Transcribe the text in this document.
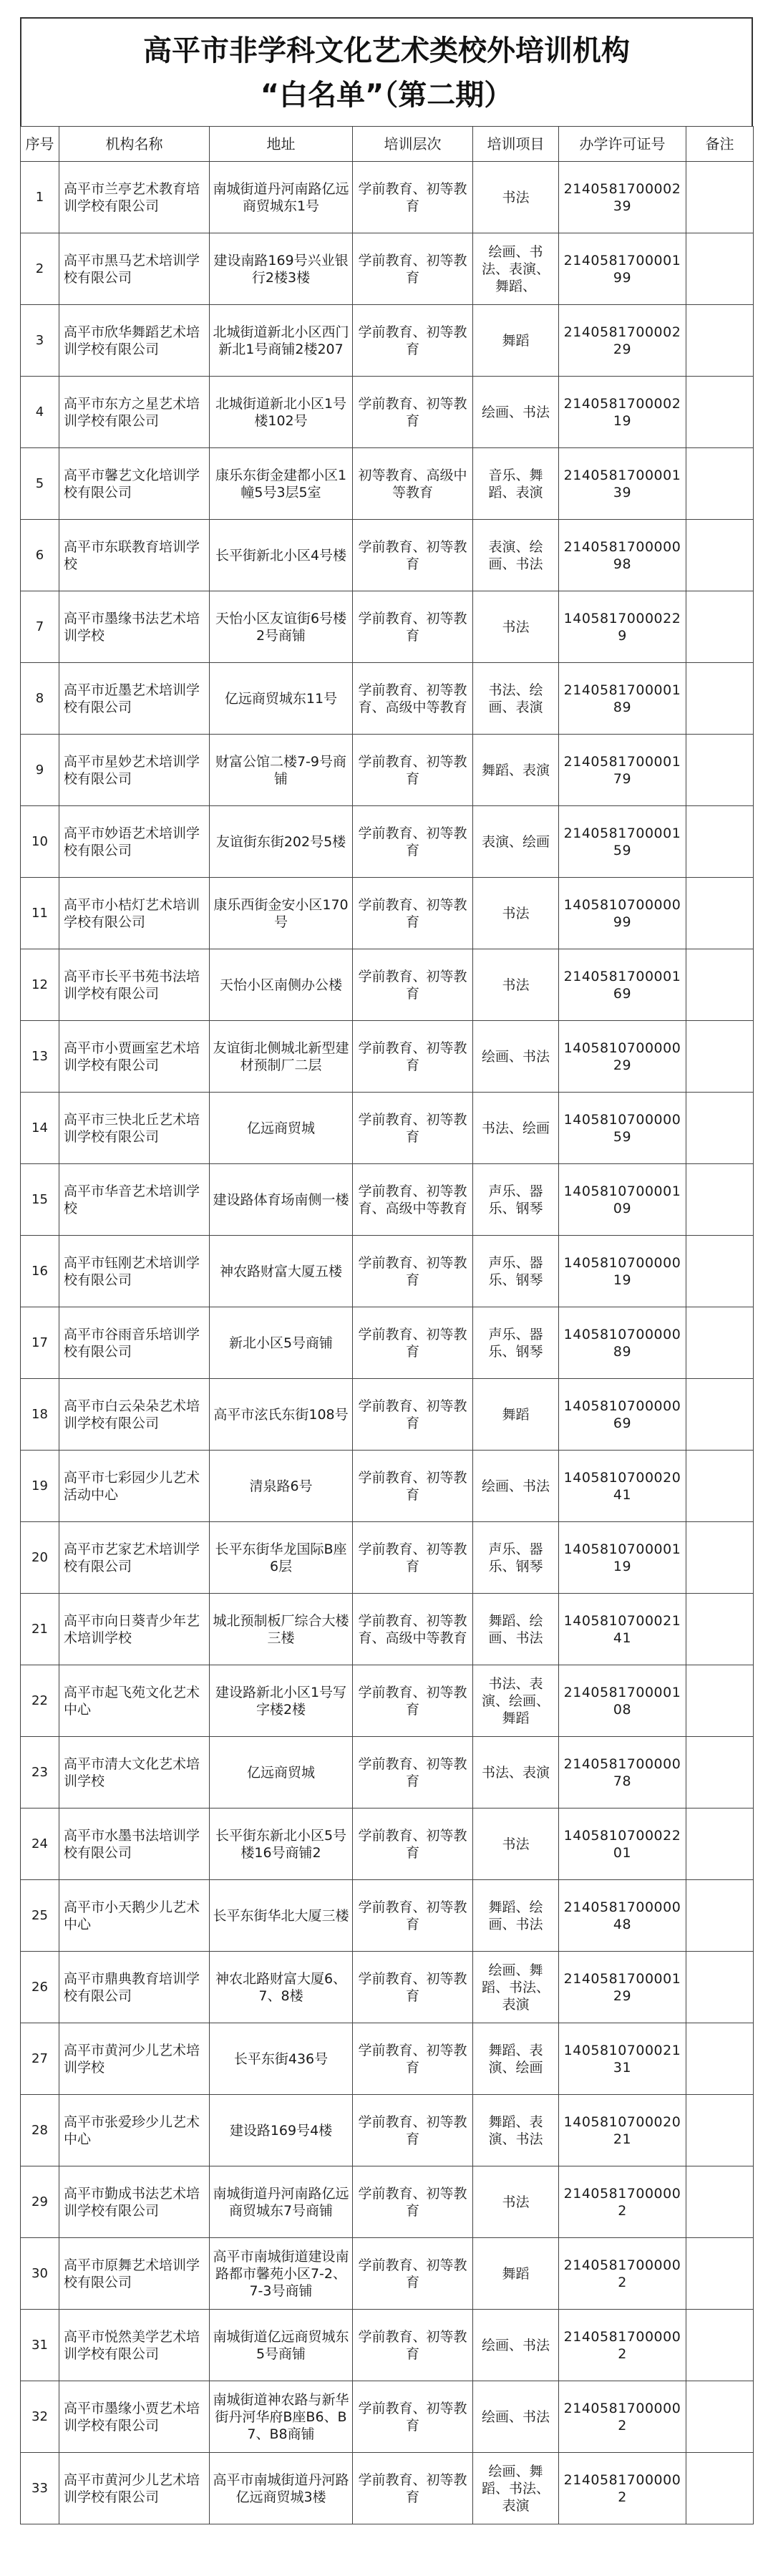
高平市非学科文化艺术类校外培训机构
“白名单”（第二期）
序号	机构名称	地址	培训层次	培训项目	办学许可证号	备注
1	高平市兰亭艺术教育培训学校有限公司	南城街道丹河南路亿远商贸城东1号	学前教育、初等教育	书法	214058170000239	
2	高平市黑马艺术培训学校有限公司	建设南路169号兴业银行2楼3楼	学前教育、初等教育	绘画、书法、表演、舞蹈、	214058170000199	
3	高平市欣华舞蹈艺术培训学校有限公司	北城街道新北小区西门新北1号商铺2楼207	学前教育、初等教育	舞蹈	214058170000229	
4	高平市东方之星艺术培训学校有限公司	北城街道新北小区1号楼102号	学前教育、初等教育	绘画、书法	214058170000219	
5	高平市馨艺文化培训学校有限公司	康乐东街金建都小区1幢5号3层5室	初等教育、高级中等教育	音乐、舞蹈、表演	214058170000139	
6	高平市东联教育培训学校	长平街新北小区4号楼	学前教育、初等教育	表演、绘画、书法	214058170000098	
7	高平市墨缘书法艺术培训学校	天怡小区友谊街6号楼2号商铺	学前教育、初等教育	书法	14058170000229	
8	高平市近墨艺术培训学校有限公司	亿远商贸城东11号	学前教育、初等教育、高级中等教育	书法、绘画、表演	214058170000189	
9	高平市星妙艺术培训学校有限公司	财富公馆二楼7-9号商铺	学前教育、初等教育	舞蹈、表演	214058170000179	
10	高平市妙语艺术培训学校有限公司	友谊街东街202号5楼	学前教育、初等教育	表演、绘画	214058170000159	
11	高平市小桔灯艺术培训学校有限公司	康乐西街金安小区170号	学前教育、初等教育	书法	140581070000099	
12	高平市长平书苑书法培训学校有限公司	天怡小区南侧办公楼	学前教育、初等教育	书法	214058170000169	
13	高平市小贾画室艺术培训学校有限公司	友谊街北侧城北新型建材预制厂二层	学前教育、初等教育	绘画、书法	140581070000029	
14	高平市三快北丘艺术培训学校有限公司	亿远商贸城	学前教育、初等教育	书法、绘画	140581070000059	
15	高平市华音艺术培训学校	建设路体育场南侧一楼	学前教育、初等教育、高级中等教育	声乐、器乐、钢琴	140581070000109	
16	高平市钰刚艺术培训学校有限公司	神农路财富大厦五楼	学前教育、初等教育	声乐、器乐、钢琴	140581070000019	
17	高平市谷雨音乐培训学校有限公司	新北小区5号商铺	学前教育、初等教育	声乐、器乐、钢琴	140581070000089	
18	高平市白云朵朵艺术培训学校有限公司	高平市泫氏东街108号	学前教育、初等教育	舞蹈	140581070000069	
19	高平市七彩园少儿艺术活动中心	清泉路6号	学前教育、初等教育	绘画、书法	140581070002041	
20	高平市艺家艺术培训学校有限公司	长平东街华龙国际B座6层	学前教育、初等教育	声乐、器乐、钢琴	140581070000119	
21	高平市向日葵青少年艺术培训学校	城北预制板厂综合大楼三楼	学前教育、初等教育、高级中等教育	舞蹈、绘画、书法	140581070002141	
22	高平市起飞苑文化艺术中心	建设路新北小区1号写字楼2楼	学前教育、初等教育	书法、表演、绘画、舞蹈	214058170000108	
23	高平市清大文化艺术培训学校	亿远商贸城	学前教育、初等教育	书法、表演	214058170000078	
24	高平市水墨书法培训学校有限公司	长平街东新北小区5号楼16号商铺2	学前教育、初等教育	书法	140581070002201	
25	高平市小天鹅少儿艺术中心	长平东街华北大厦三楼	学前教育、初等教育	舞蹈、绘画、书法	214058170000048	
26	高平市鼎典教育培训学校有限公司	神农北路财富大厦6、7、8楼	学前教育、初等教育	绘画、舞蹈、书法、表演	214058170000129	
27	高平市黄河少儿艺术培训学校	长平东街436号	学前教育、初等教育	舞蹈、表演、绘画	140581070002131	
28	高平市张爱珍少儿艺术中心	建设路169号4楼	学前教育、初等教育	舞蹈、表演、书法	140581070002021	
29	高平市勤成书法艺术培训学校有限公司	南城街道丹河南路亿远商贸城东7号商铺	学前教育、初等教育	书法	21405817000002	
30	高平市原舞艺术培训学校有限公司	高平市南城街道建设南路都市馨苑小区7-2、7-3号商铺	学前教育、初等教育	舞蹈	21405817000002	
31	高平市悦然美学艺术培训学校有限公司	南城街道亿远商贸城东5号商铺	学前教育、初等教育	绘画、书法	21405817000002	
32	高平市墨缘小贾艺术培训学校有限公司	南城街道神农路与新华街丹河华府B座B6、B7、B8商铺	学前教育、初等教育	绘画、书法	21405817000002	
33	高平市黄河少儿艺术培训学校有限公司	高平市南城街道丹河路亿远商贸城3楼	学前教育、初等教育	绘画、舞蹈、书法、表演	21405817000002	
